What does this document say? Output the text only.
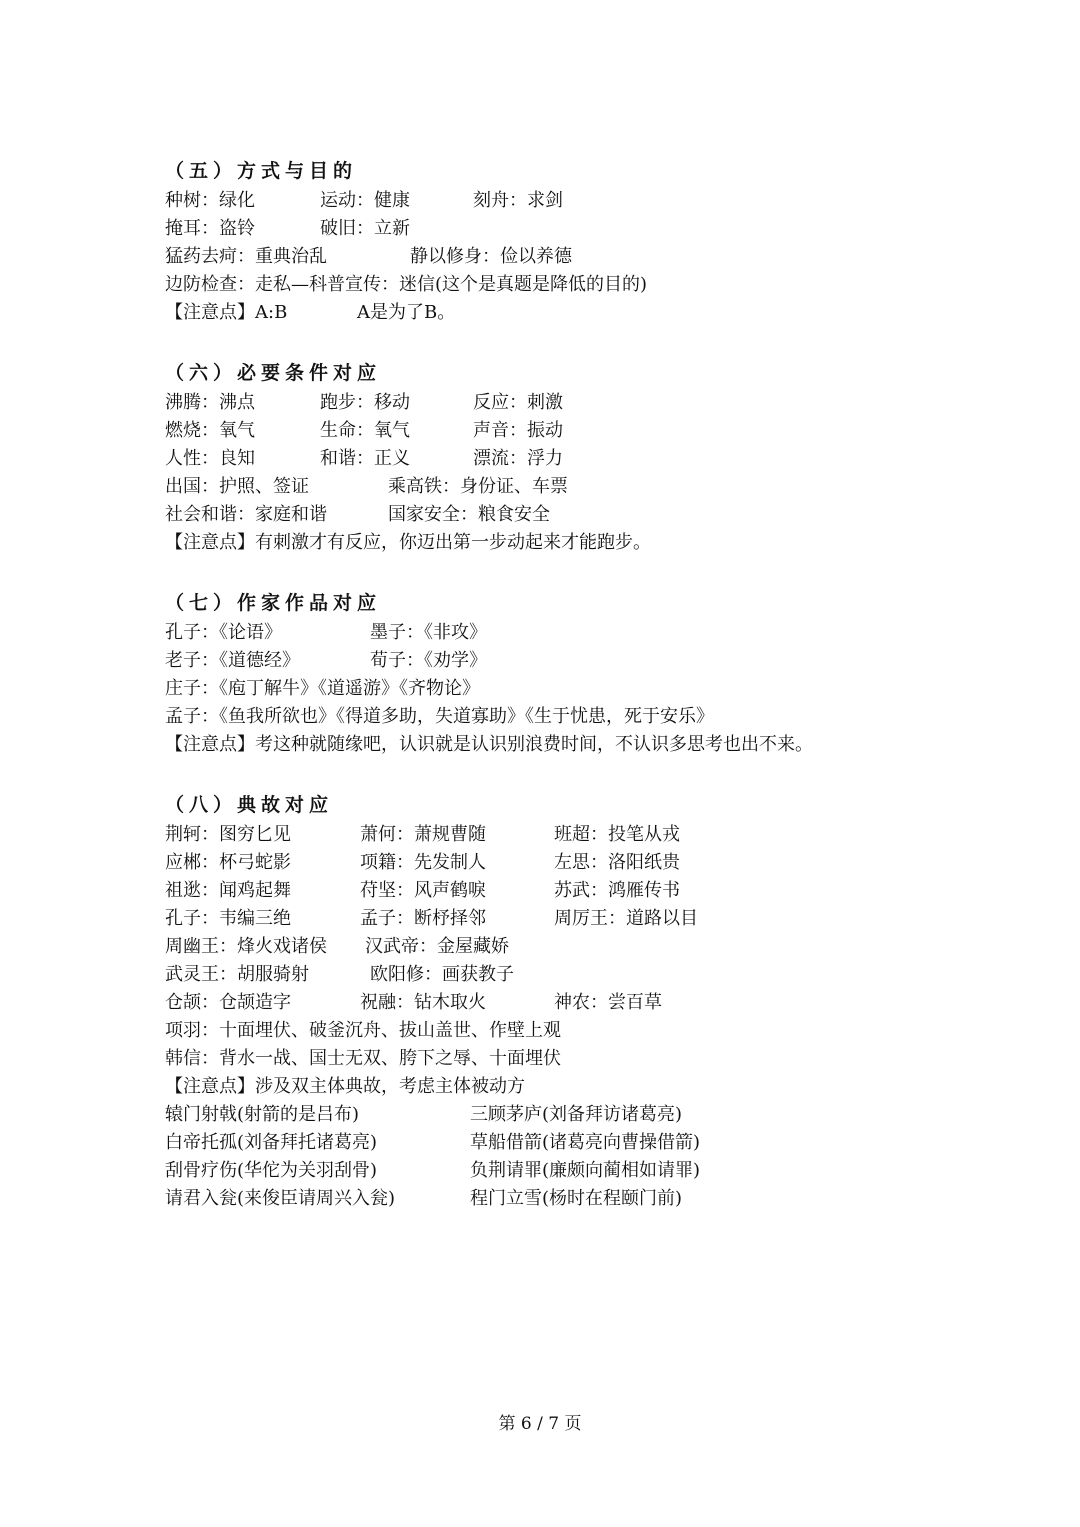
（五）方式与目的
种树：绿化	运动：健康	刻舟：求剑
掩耳：盗铃	破旧：立新
猛药去疴：重典治乱	静以修身：俭以养德
边防检查：走私—科普宣传：迷信(这个是真题是降低的目的)
【注意点】A:B	A是为了B。
（六）必要条件对应
沸腾：沸点	跑步：移动	反应：刺激
燃烧：氧气	生命：氧气	声音：振动
人性：良知	和谐：正义	漂流：浮力
出国：护照、签证	乘高铁：身份证、车票
社会和谐：家庭和谐	国家安全：粮食安全
【注意点】有刺激才有反应，你迈出第一步动起来才能跑步。
（七）作家作品对应
孔子：《论语》	墨子：《非攻》
老子：《道德经》	荀子：《劝学》
庄子：《庖丁解牛》《道遥游》《齐物论》
孟子：《鱼我所欲也》《得道多助，失道寡助》《生于忧患，死于安乐》
【注意点】考这种就随缘吧，认识就是认识别浪费时间，不认识多思考也出不来。
（八）典故对应
荆轲：图穷匕见	萧何：萧规曹随	班超：投笔从戎
应郴：杯弓蛇影	项籍：先发制人	左思：洛阳纸贵
祖逖：闻鸡起舞	苻坚：风声鹤唳	苏武：鸿雁传书
孔子：韦编三绝	孟子：断杼择邻	周厉王：道路以目
周幽王：烽火戏诸侯 汉武帝：金屋藏娇
武灵王：胡服骑射	欧阳修：画获教子
仓颉：仓颉造字	祝融：钻木取火	神农：尝百草
项羽：十面埋伏、破釜沉舟、拔山盖世、作壁上观
韩信：背水一战、国士无双、胯下之辱、十面埋伏
【注意点】涉及双主体典故，考虑主体被动方
辕门射戟(射箭的是吕布)	三顾茅庐(刘备拜访诸葛亮)
白帝托孤(刘备拜托诸葛亮)	草船借箭(诸葛亮向曹操借箭)
刮骨疗伤(华佗为关羽刮骨)	负荆请罪(廉颇向蔺相如请罪)
请君入瓮(来俊臣请周兴入瓮)	程门立雪(杨时在程颐门前)
第 6 / 7 页
